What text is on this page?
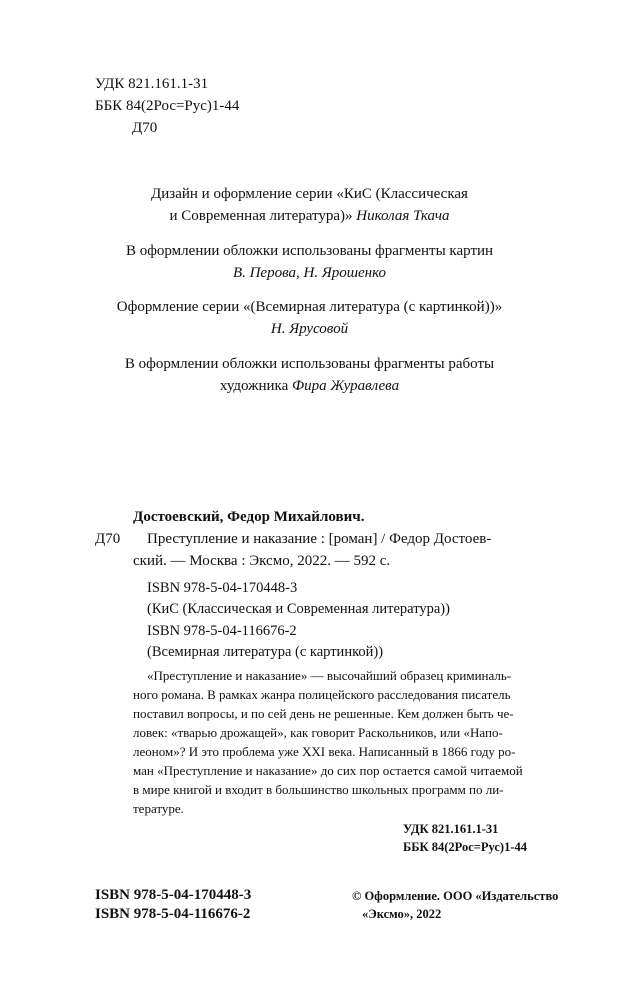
УДК 821.161.1-31
ББК 84(2Рос=Рус)1-44
Д70
Дизайн и оформление серии «КиС (Классическая
и Современная литература)» Николая Ткача
В оформлении обложки использованы фрагменты картин
В. Перова, Н. Ярошенко
Оформление серии «(Всемирная литература (с картинкой))»
Н. Ярусовой
В оформлении обложки использованы фрагменты работы
художника Фира Журавлева
Достоевский, Федор Михайлович.
Д70 Преступление и наказание : [роман] / Федор Достоев-
ский. — Москва : Эксмо, 2022. — 592 с.
ISBN 978-5-04-170448-3
(КиС (Классическая и Современная литература))
ISBN 978-5-04-116676-2
(Всемирная литература (с картинкой))
«Преступление и наказание» — высочайший образец криминаль-
ного романа. В рамках жанра полицейского расследования писатель
поставил вопросы, и по сей день не решенные. Кем должен быть че-
ловек: «тварью дрожащей», как говорит Раскольников, или «Напо-
леоном»? И это проблема уже XXI века. Написанный в 1866 году ро-
ман «Преступление и наказание» до сих пор остается самой читаемой
в мире книгой и входит в большинство школьных программ по ли-
тературе.
УДК 821.161.1-31
ББК 84(2Рос=Рус)1-44
ISBN 978-5-04-170448-3
ISBN 978-5-04-116676-2
© Оформление. ООО «Издательство
«Эксмо», 2022
